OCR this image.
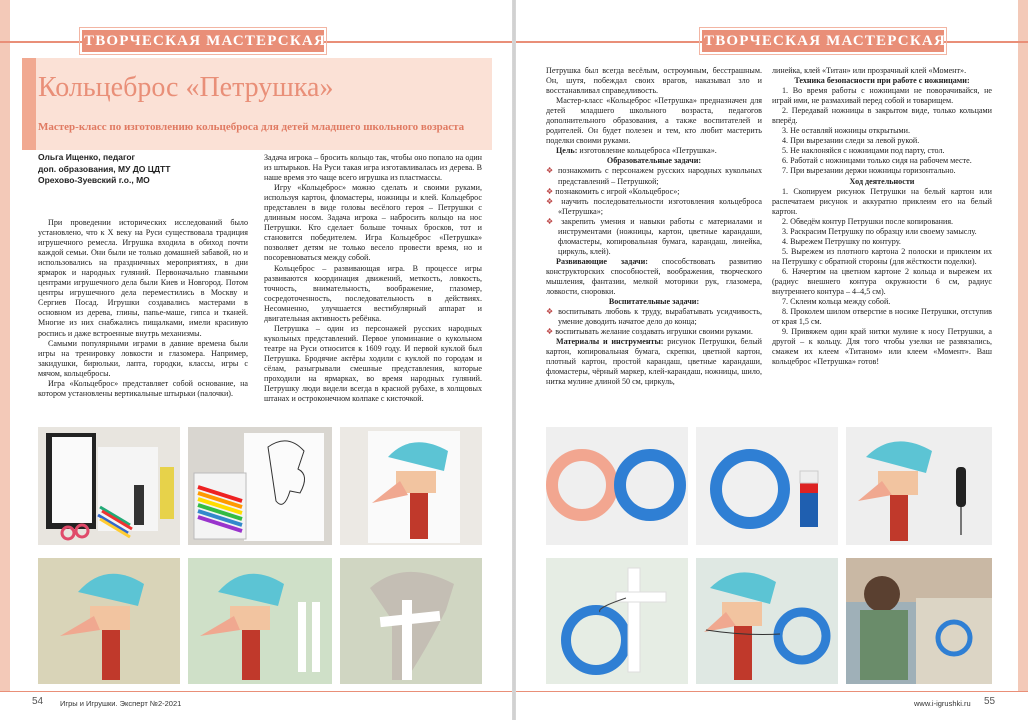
ТВОРЧЕСКАЯ МАСТЕРСКАЯ
Кольцеброс «Петрушка»
Мастер-класс по изготовлению кольцеброса для детей младшего школьного возраста
Ольга Ищенко, педагог
доп. образования, МУ ДО ЦДТТ
Орехово-Зуевский г.о., МО

При проведении исторических исследований было установлено, что к X веку на Руси существовала традиция игрушечного ремесла. Игрушка входила в обиход почти каждой семьи. Они были не только домашней забавой, но и использовались на праздничных мероприятиях, в дни ярмарок и народных гуляний. Первоначально главными центрами игрушечного дела были Киев и Новгород. Потом центры игрушечного дела переместились в Москву и Сергиев Посад. Игрушки создавались мастерами в основном из дерева, глины, папье-маше, гипса и тканей. Многие из них снабжались пищалками, имели красивую роспись и даже встроенные внутрь механизмы.

Самыми популярными играми в давние времена были игры на тренировку ловкости и глазомера. Например, закидушки, бирюльки, лапта, городки, классы, игры с мячом, кольцебросы.

Игра «Кольцеброс» представляет собой основание, на котором установлены вертикальные штырьки (палочки).

Задача игрока – бросить кольцо так, чтобы оно попало на один из штырьков. На Руси такая игра изготавливалась из дерева. В наше время это чаще всего игрушка из пластмассы.

Игру «Кольцеброс» можно сделать и своими руками, используя картон, фломастеры, ножницы и клей. Кольцеброс представлен в виде головы весёлого героя – Петрушки с длинным носом. Задача игрока – набросить кольцо на нос Петрушки. Кто сделает больше точных бросков, тот и становится победителем. Игра Кольцеброс «Петрушка» позволяет детям не только весело провести время, но и посоревноваться между собой.

Кольцеброс – развивающая игра. В процессе игры развиваются координация движений, меткость, ловкость, точность, внимательность, воображение, глазомер, сосредоточенность, последовательность в действиях. Несомненно, улучшается вестибулярный аппарат и двигательная активность ребёнка.

Петрушка – один из персонажей русских народных кукольных представлений. Первое упоминание о кукольном театре на Руси относится к 1609 году. И первой куклой был Петрушка. Бродячие актёры ходили с куклой по городам и сёлам, разыгрывали смешные представления, которые проходили на ярмарках, во время народных гуляний. Петрушку люди видели всегда в красной рубахе, в холщовых штанах и остроконечном колпаке с кисточкой.

54 Игры и Игрушки. Эксперт №2-2021
ТВОРЧЕСКАЯ МАСТЕРСКАЯ

Петрушка был всегда весёлым, остроумным, бесстрашным. Он, шутя, побеждал своих врагов, наказывал зло и восстанавливал справедливость.

Мастер-класс «Кольцеброс «Петрушка» предназначен для детей младшего школьного возраста, педагогов дополнительного образования, а также воспитателей и родителей. Он будет полезен и тем, кто любит мастерить поделки своими руками.

Цель: изготовление кольцеброса «Петрушка».

Образовательные задачи:

❖ познакомить с персонажем русских народных кукольных представлений – Петрушкой;

❖ познакомить с игрой «Кольцеброс»;

❖ научить последовательности изготовления кольцеброса «Петрушка»;

❖ закрепить умения и навыки работы с материалами и инструментами (ножницы, картон, цветные карандаши, фломастеры, копировальная бумага, карандаш, линейка, циркуль, клей).

Развивающие задачи: способствовать развитию конструкторских способностей, воображения, творческого мышления, фантазии, мелкой моторики рук, глазомера, ловкости, сноровки.

Воспитательные задачи:

❖ воспитывать любовь к труду, вырабатывать усидчивость, умение доводить начатое дело до конца;

❖ воспитывать желание создавать игрушки своими руками.

Материалы и инструменты: рисунок Петрушки, белый картон, копировальная бумага, скрепки, цветной картон, плотный картон, простой карандаш, цветные карандаши, фломастеры, чёрный маркер, клей-карандаш, ножницы, шило, нитка мулине длиной 50 см, циркуль,

линейка, клей «Титан» или прозрачный клей «Момент».

Техника безопасности при работе с ножницами:

1. Во время работы с ножницами не поворачивайся, не играй ими, не размахивай перед собой и товарищем.

2. Передавай ножницы в закрытом виде, только кольцами вперёд.

3. Не оставляй ножницы открытыми.

4. При вырезании следи за левой рукой.

5. Не наклоняйся с ножницами под парту, стол.

6. Работай с ножницами только сидя на рабочем месте.

7. При вырезании держи ножницы горизонтально.

Ход деятельности

1. Скопируем рисунок Петрушки на белый картон или распечатаем рисунок и аккуратно приклеим его на белый картон.

2. Обведём контур Петрушки после копирования.

3. Раскрасим Петрушку по образцу или своему замыслу.

4. Вырежем Петрушку по контуру.

5. Вырежем из плотного картона 2 полоски и приклеим их на Петрушку с обратной стороны (для жёсткости поделки).

6. Начертим на цветном картоне 2 кольца и вырежем их (радиус внешнего контура окружности 6 см, радиус внутреннего контура – 4–4,5 см).

7. Склеим кольца между собой.

8. Проколем шилом отверстие в носике Петрушки, отступив от края 1,5 см.

9. Привяжем один край нитки мулине к носу Петрушки, а другой – к кольцу. Для того чтобы узелки не развязались, смажем их клеем «Титаном» или клеем «Момент». Ваш кольцеброс «Петрушка» готов!

www.i-igrushki.ru 55
